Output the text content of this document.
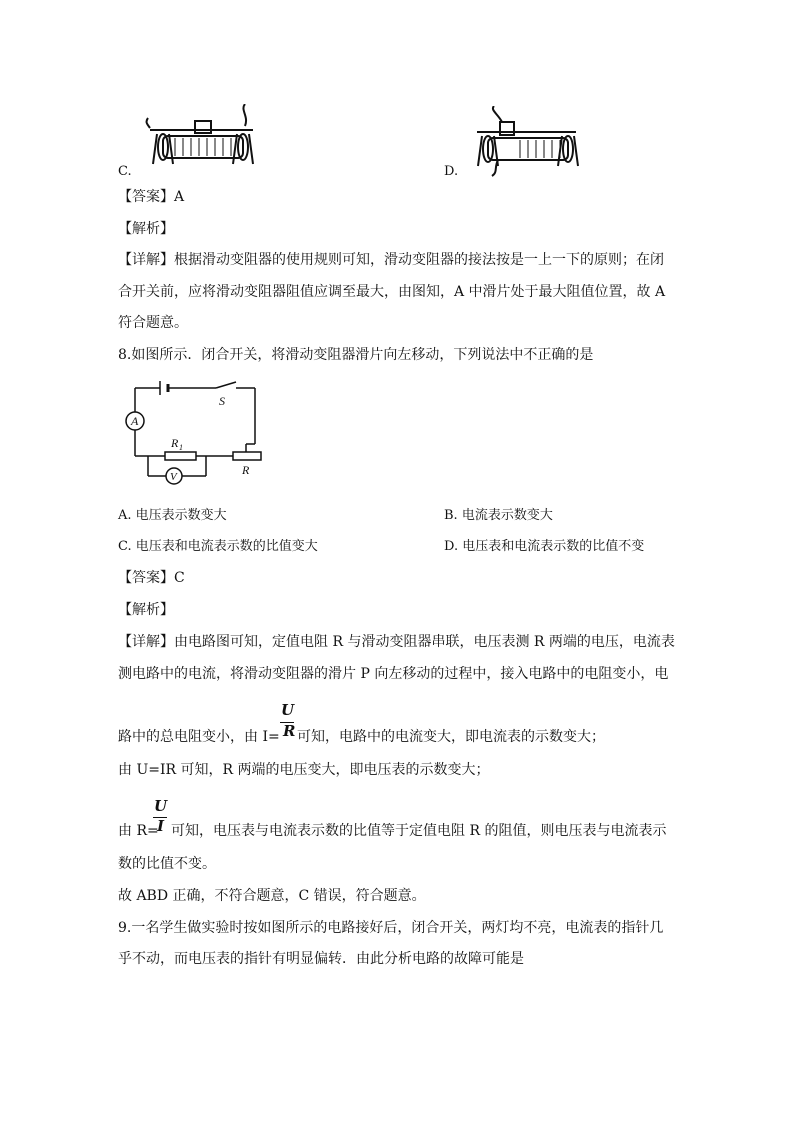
C.	D.
【答案】A
【解析】
【详解】根据滑动变阻器的使用规则可知，滑动变阻器的接法按是一上一下的原则；在闭
合开关前，应将滑动变阻器阻值应调至最大，由图知，A 中滑片处于最大阻值位置，故 A
符合题意。
8.如图所示．闭合开关，将滑动变阻器滑片向左移动，下列说法中不正确的是
A
S
R 1
V	R
A. 电压表示数变大	B. 电流表示数变大
C. 电压表和电流表示数的比值变大	D. 电压表和电流表示数的比值不变
【答案】C
【解析】
【详解】由电路图可知，定值电阻 R 与滑动变阻器串联，电压表测 R 两端的电压，电流表
测电路中的电流，将滑动变阻器的滑片 P 向左移动的过程中，接入电路中的电阻变小，电
路中的总电阻变小，由 I=
U
R 可知，电路中的电流变大，即电流表的示数变大；
由 U=IR 可知，R 两端的电压变大，即电压表的示数变大；
由 R=
U
I 可知，电压表与电流表示数的比值等于定值电阻 R 的阻值，则电压表与电流表示
数的比值不变。
故 ABD 正确，不符合题意，C 错误，符合题意。
9.一名学生做实验时按如图所示的电路接好后，闭合开关，两灯均不亮，电流表的指针几
乎不动，而电压表的指针有明显偏转．由此分析电路的故障可能是
